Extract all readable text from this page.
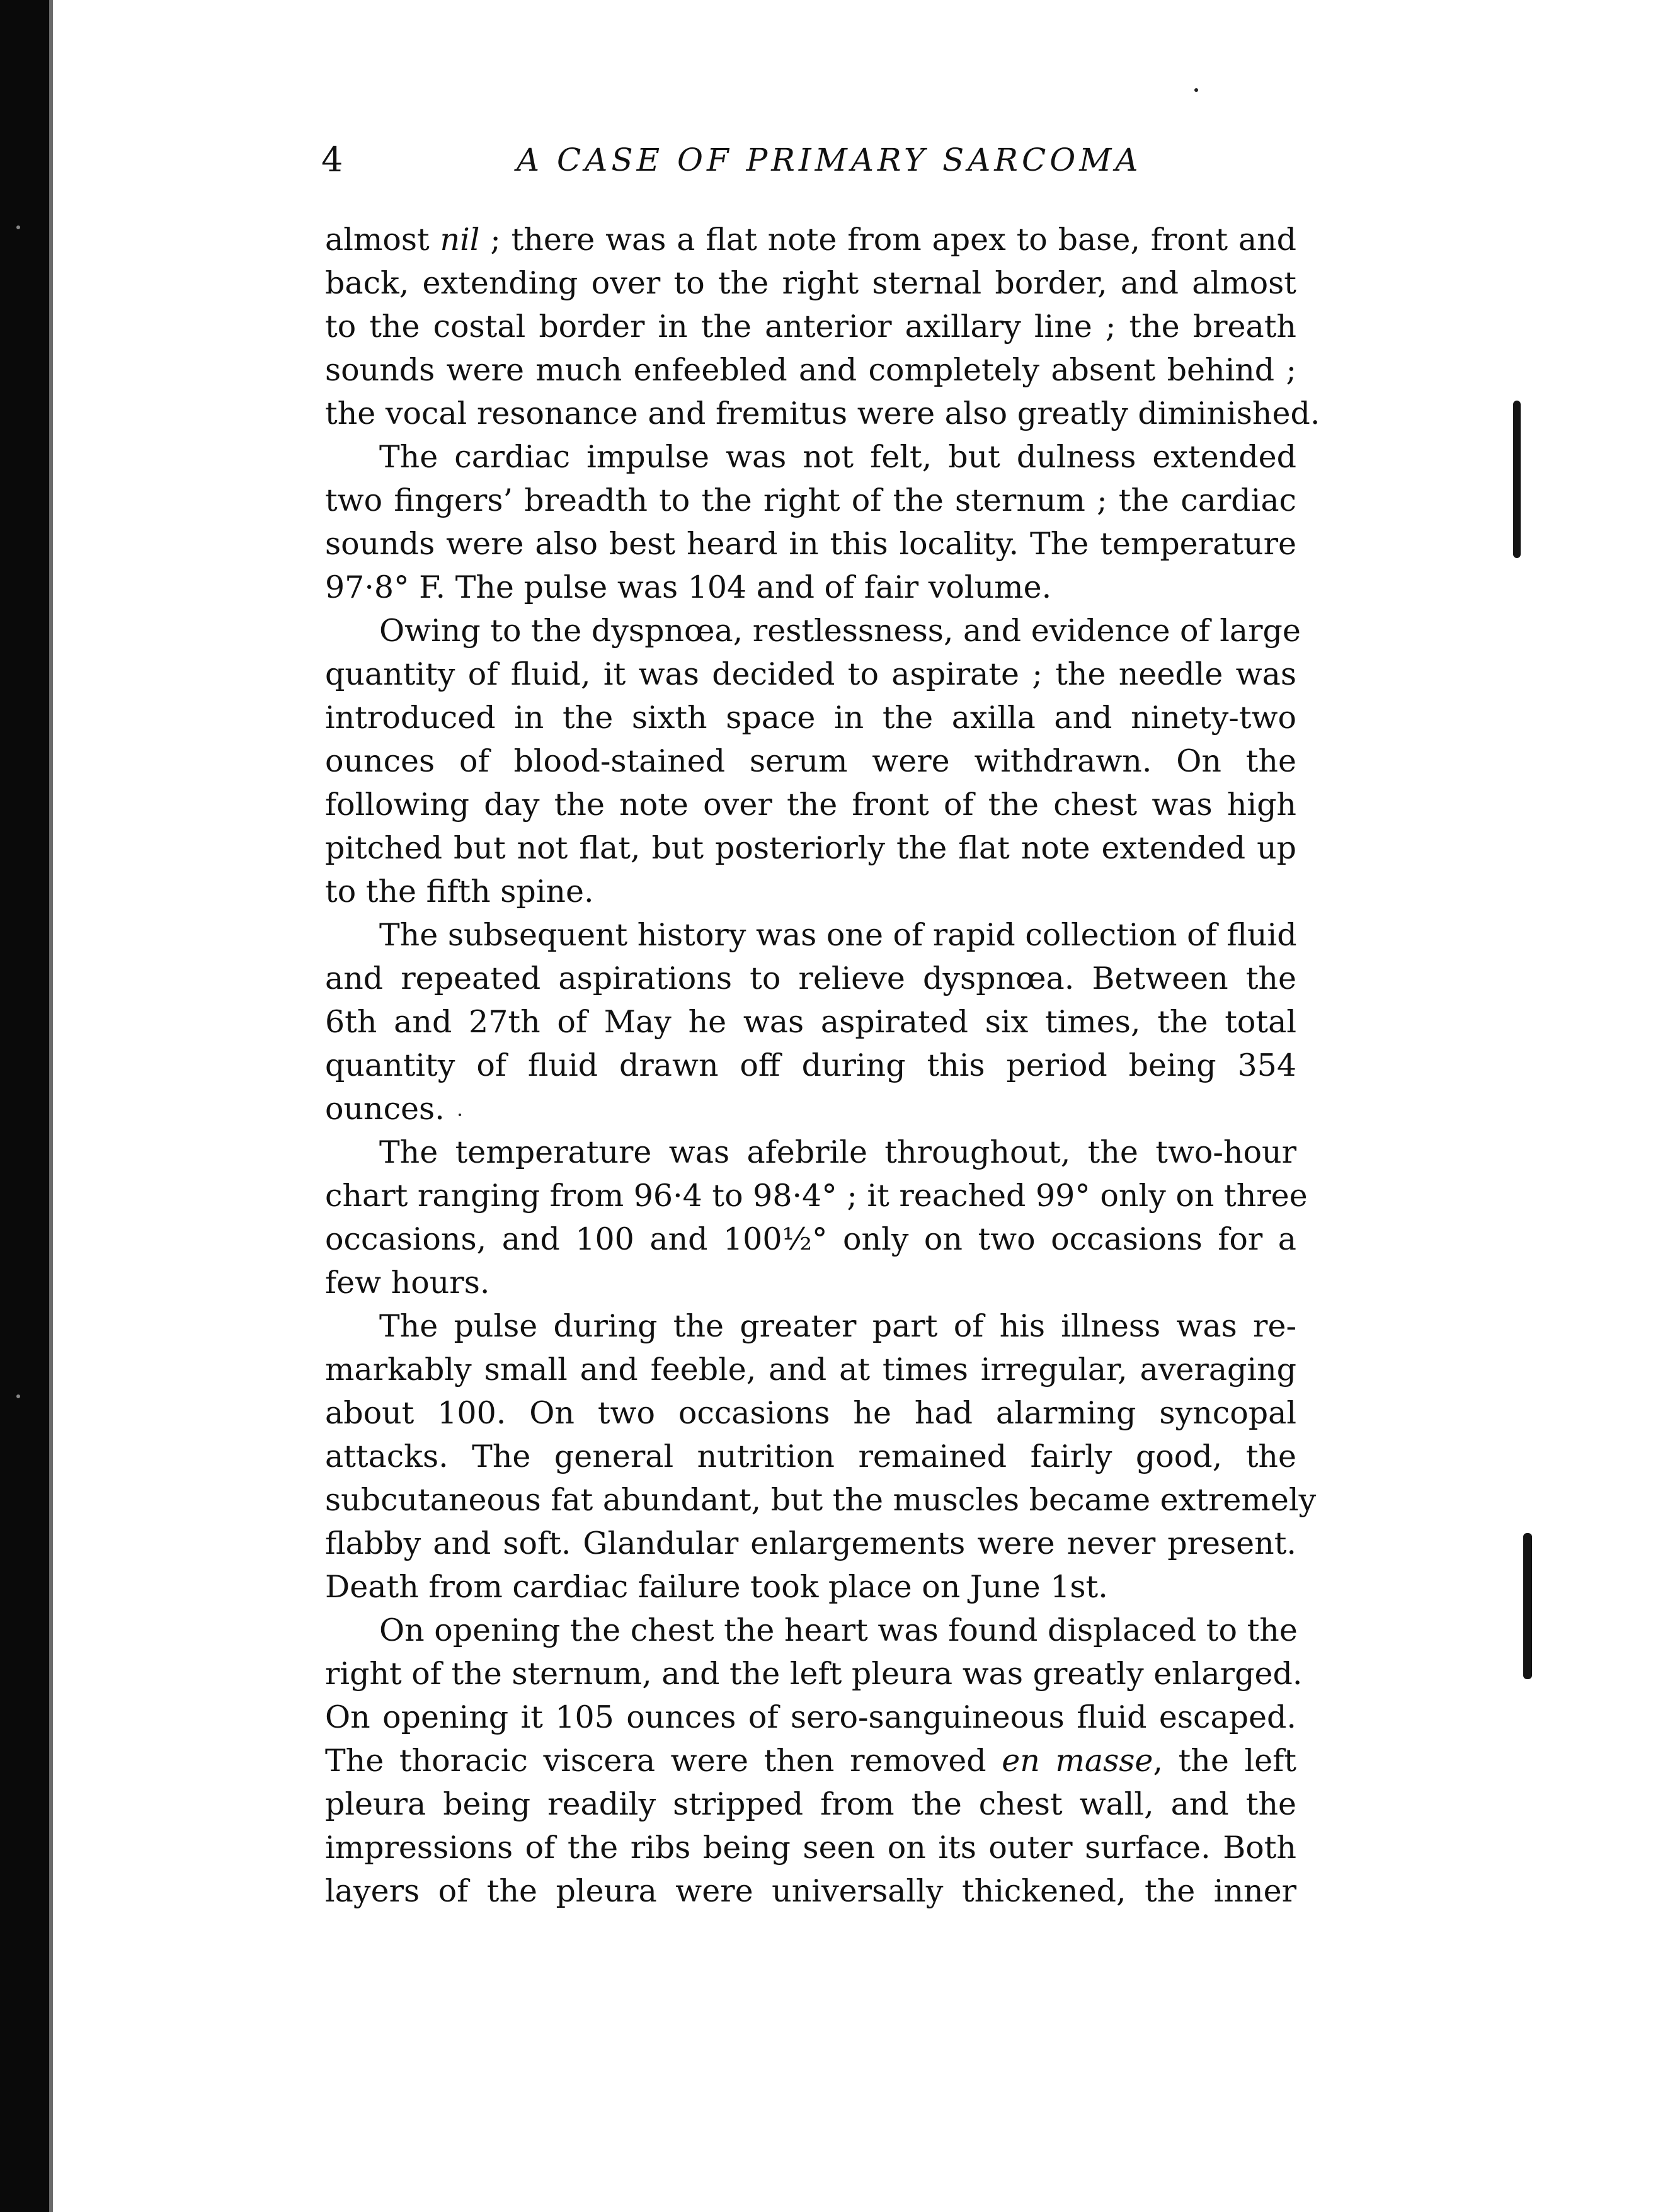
4	A CASE OF PRIMARY SARCOMA
almost nil ; there was a flat note from apex to base, front and
back, extending over to the right sternal border, and almost
to the costal border in the anterior axillary line ; the breath
sounds were much enfeebled and completely absent behind ;
the vocal resonance and fremitus were also greatly diminished.
The cardiac impulse was not felt, but dulness extended
two fingers’ breadth to the right of the sternum ; the cardiac
sounds were also best heard in this locality. The temperature
97·8° F. The pulse was 104 and of fair volume.
Owing to the dyspnœa, restlessness, and evidence of large
quantity of fluid, it was decided to aspirate ; the needle was
introduced in the sixth space in the axilla and ninety-two
ounces of blood-stained serum were withdrawn. On the
following day the note over the front of the chest was high
pitched but not flat, but posteriorly the flat note extended up
to the fifth spine.
The subsequent history was one of rapid collection of fluid
and repeated aspirations to relieve dyspnœa. Between the
6th and 27th of May he was aspirated six times, the total
quantity of fluid drawn off during this period being 354
ounces.
The temperature was afebrile throughout, the two-hour
chart ranging from 96·4 to 98·4° ; it reached 99° only on three
occasions, and 100 and 100½° only on two occasions for a
few hours.
The pulse during the greater part of his illness was re-
markably small and feeble, and at times irregular, averaging
about 100. On two occasions he had alarming syncopal
attacks. The general nutrition remained fairly good, the
subcutaneous fat abundant, but the muscles became extremely
flabby and soft. Glandular enlargements were never present.
Death from cardiac failure took place on June 1st.
On opening the chest the heart was found displaced to the
right of the sternum, and the left pleura was greatly enlarged.
On opening it 105 ounces of sero-sanguineous fluid escaped.
The thoracic viscera were then removed en masse, the left
pleura being readily stripped from the chest wall, and the
impressions of the ribs being seen on its outer surface. Both
layers of the pleura were universally thickened, the inner
